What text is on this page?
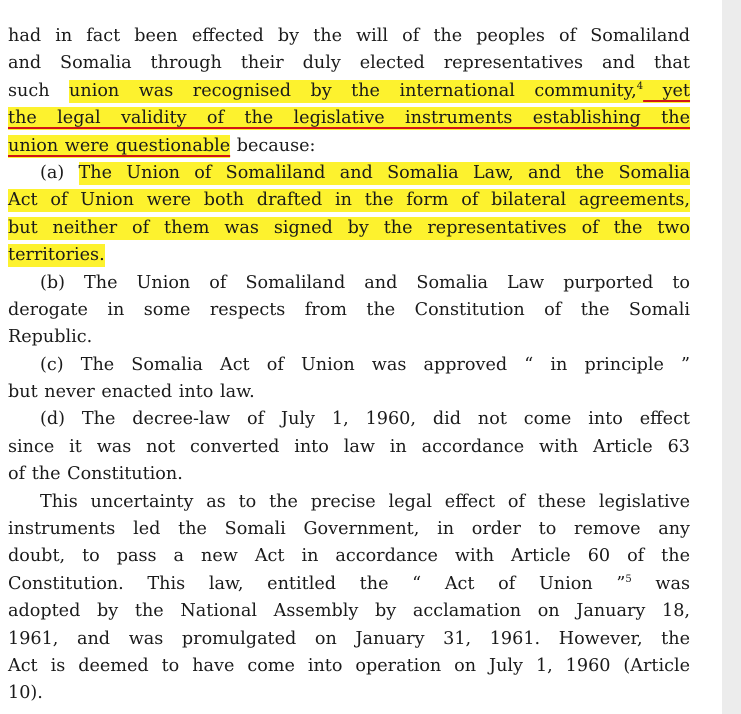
had in fact been effected by the will of the peoples of Somaliland
and Somalia through their duly elected representatives and that
such union was recognised by the international community,$^4$ yet
the legal validity of the legislative instruments establishing the
union were questionable because:
(a) The Union of Somaliland and Somalia Law, and the Somalia
Act of Union were both drafted in the form of bilateral agreements,
but neither of them was signed by the representatives of the two
territories.
(b) The Union of Somaliland and Somalia Law purported to
derogate in some respects from the Constitution of the Somali
Republic.
(c) The Somalia Act of Union was approved “ in principle ”
but never enacted into law.
(d) The decree-law of July 1, 1960, did not come into effect
since it was not converted into law in accordance with Article 63
of the Constitution.
This uncertainty as to the precise legal effect of these legislative
instruments led the Somali Government, in order to remove any
doubt, to pass a new Act in accordance with Article 60 of the
Constitution. This law, entitled the “ Act of Union ”$^5$ was
adopted by the National Assembly by acclamation on January 18,
1961, and was promulgated on January 31, 1961. However, the
Act is deemed to have come into operation on July 1, 1960 (Article
10).
